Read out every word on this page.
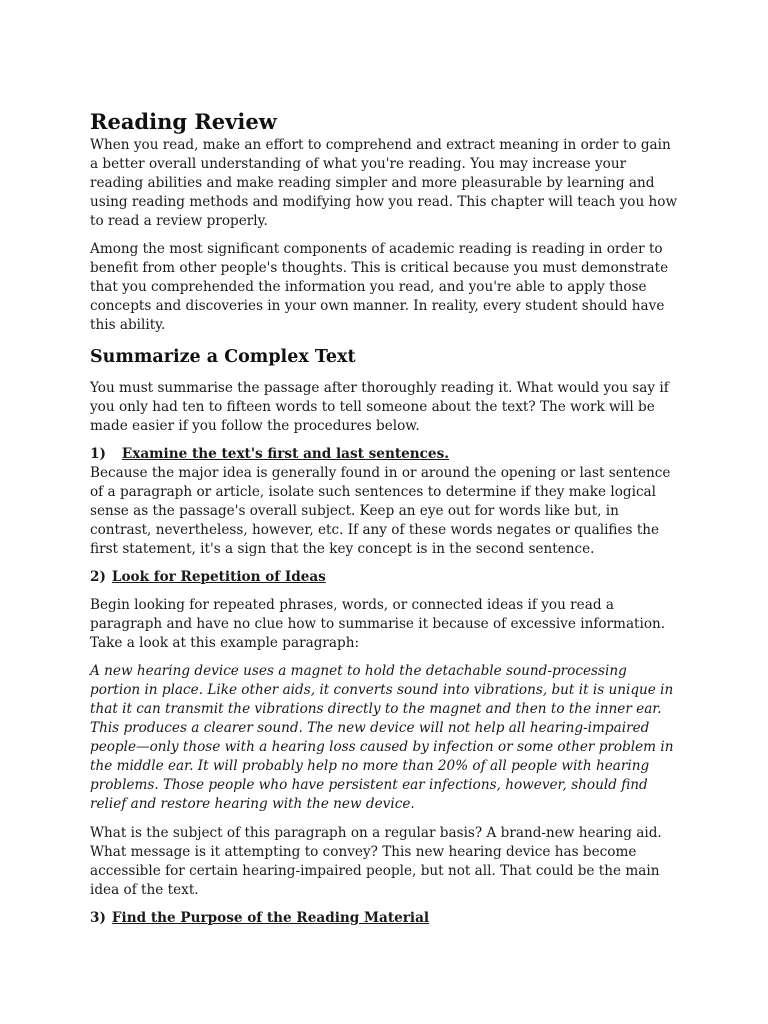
Reading Review

When you read, make an effort to comprehend and extract meaning in order to gain a better overall understanding of what you're reading. You may increase your reading abilities and make reading simpler and more pleasurable by learning and using reading methods and modifying how you read. This chapter will teach you how to read a review properly.

Among the most significant components of academic reading is reading in order to benefit from other people's thoughts. This is critical because you must demonstrate that you comprehended the information you read, and you're able to apply those concepts and discoveries in your own manner. In reality, every student should have this ability.

Summarize a Complex Text

You must summarise the passage after thoroughly reading it. What would you say if you only had ten to fifteen words to tell someone about the text? The work will be made easier if you follow the procedures below.

1) Examine the text's first and last sentences.

Because the major idea is generally found in or around the opening or last sentence of a paragraph or article, isolate such sentences to determine if they make logical sense as the passage's overall subject. Keep an eye out for words like but, in contrast, nevertheless, however, etc. If any of these words negates or qualifies the first statement, it's a sign that the key concept is in the second sentence.

2) Look for Repetition of Ideas

Begin looking for repeated phrases, words, or connected ideas if you read a paragraph and have no clue how to summarise it because of excessive information. Take a look at this example paragraph:

A new hearing device uses a magnet to hold the detachable sound-processing portion in place. Like other aids, it converts sound into vibrations, but it is unique in that it can transmit the vibrations directly to the magnet and then to the inner ear. This produces a clearer sound. The new device will not help all hearing-impaired people—only those with a hearing loss caused by infection or some other problem in the middle ear. It will probably help no more than 20% of all people with hearing problems. Those people who have persistent ear infections, however, should find relief and restore hearing with the new device.

What is the subject of this paragraph on a regular basis? A brand-new hearing aid. What message is it attempting to convey? This new hearing device has become accessible for certain hearing-impaired people, but not all. That could be the main idea of the text.

3) Find the Purpose of the Reading Material
